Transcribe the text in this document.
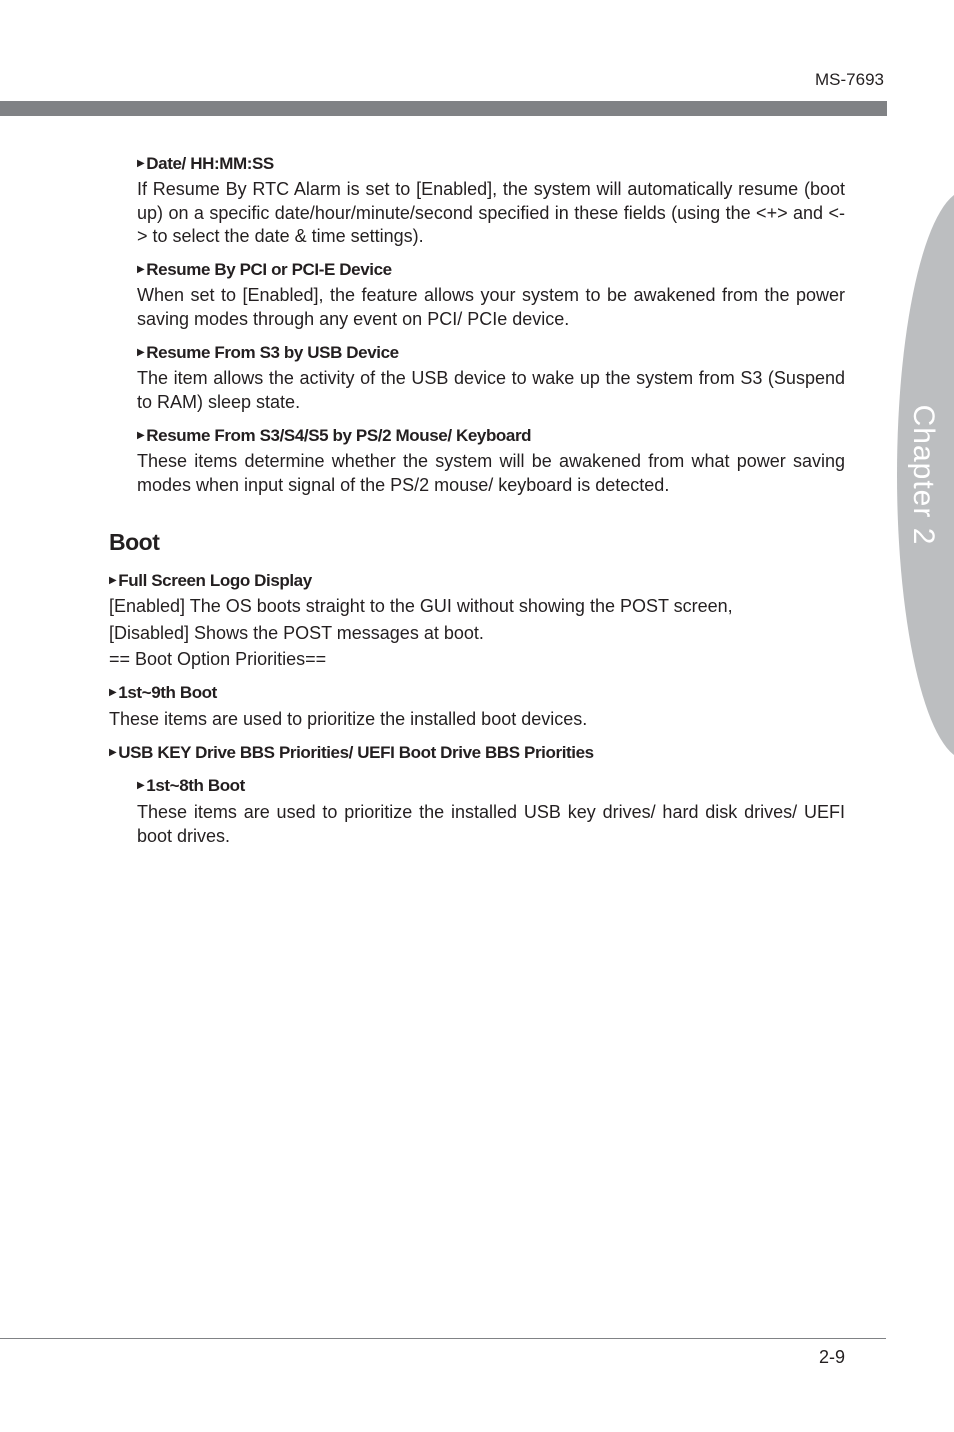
MS-7693
Chapter 2
▶ Date/ HH:MM:SS
If Resume By RTC Alarm is set to [Enabled], the system will automatically resume (boot up) on a specific date/hour/minute/second specified in these fields (using the <+> and <-> to select the date & time settings).
▶ Resume By PCI or PCI-E Device
When set to [Enabled], the feature allows your system to be awakened from the power saving modes through any event on PCI/ PCIe device.
▶ Resume From S3 by USB Device
The item allows the activity of the USB device to wake up the system from S3 (Suspend to RAM) sleep state.
▶ Resume From S3/S4/S5 by PS/2 Mouse/ Keyboard
These items determine whether the system will be awakened from what power saving modes when input signal of the PS/2 mouse/ keyboard is detected.
Boot
▶ Full Screen Logo Display
[Enabled] The OS boots straight to the GUI without showing the POST screen,
[Disabled] Shows the POST messages at boot.
== Boot Option Priorities==
▶ 1st~9th Boot
These items are used to prioritize the installed boot devices.
▶ USB KEY Drive BBS Priorities/ UEFI Boot Drive BBS Priorities
▶ 1st~8th Boot
These items are used to prioritize the installed USB key drives/ hard disk drives/ UEFI boot drives.
2-9
